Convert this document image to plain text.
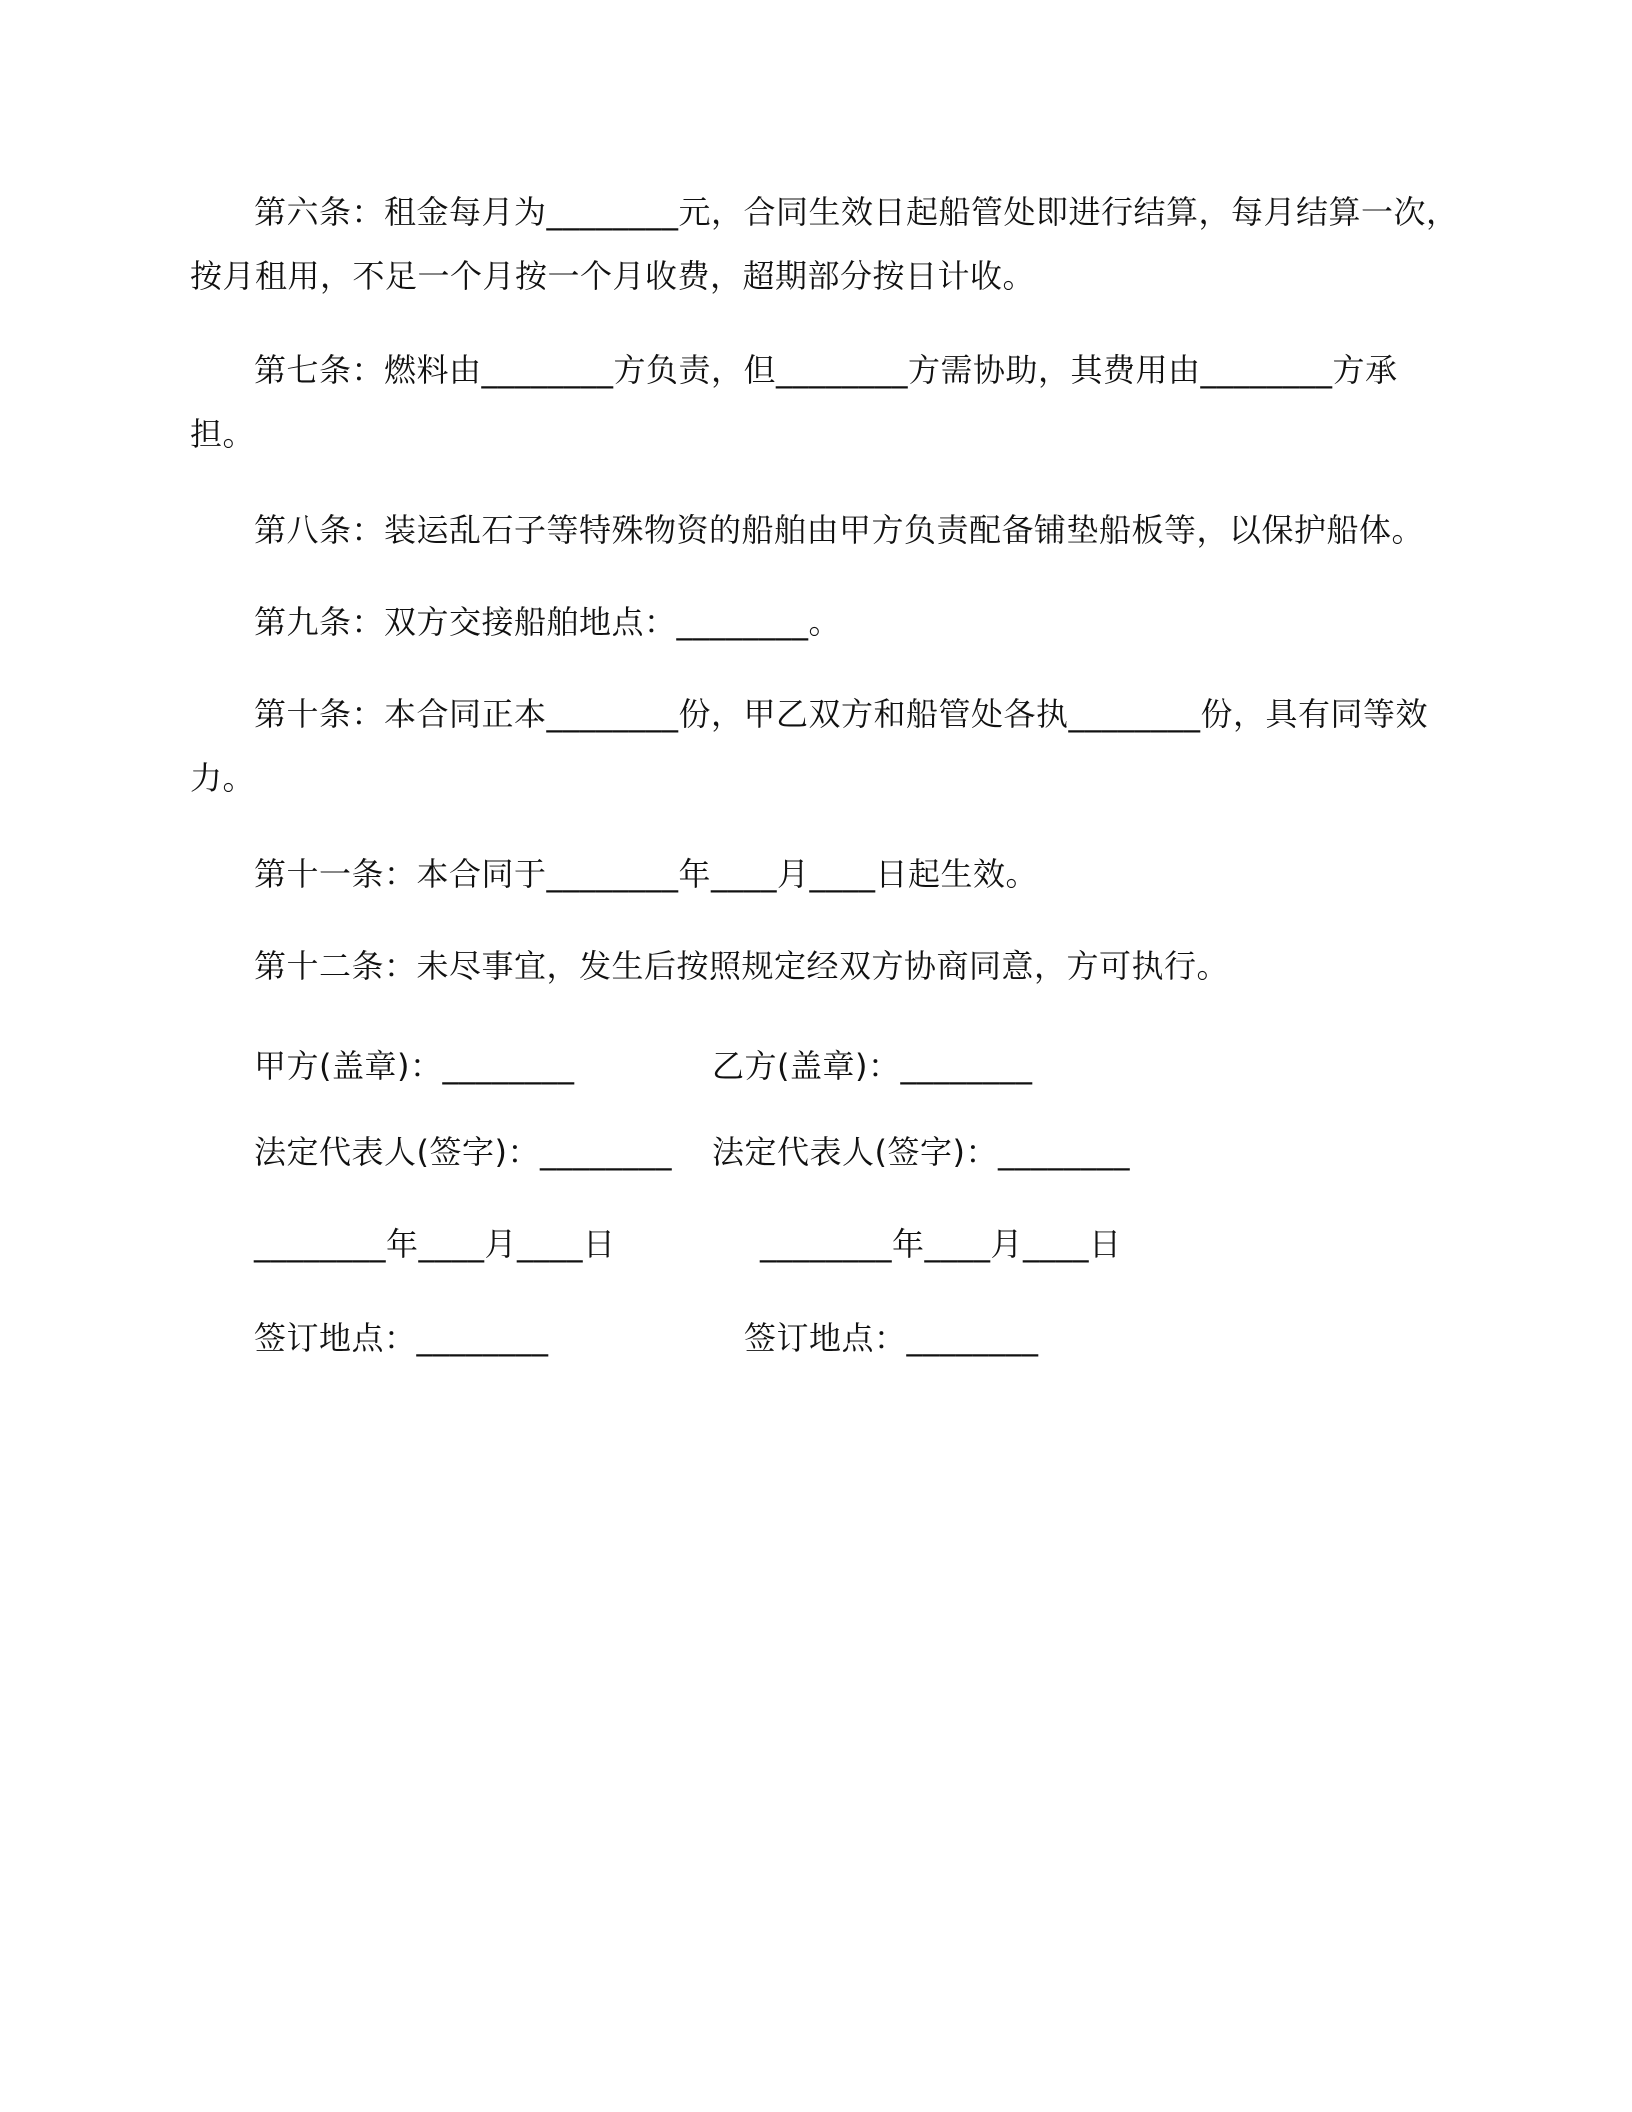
第六条：租金每月为________元，合同生效日起船管处即进行结算，每月结算一次，
按月租用，不足一个月按一个月收费，超期部分按日计收。
第七条：燃料由________方负责，但________方需协助，其费用由________方承
担。
第八条：装运乱石子等特殊物资的船舶由甲方负责配备铺垫船板等，以保护船体。
第九条：双方交接船舶地点：________。
第十条：本合同正本________份，甲乙双方和船管处各执________份，具有同等效
力。
第十一条：本合同于________年____月____日起生效。
第十二条：未尽事宜，发生后按照规定经双方协商同意，方可执行。
甲方(盖章)：________	乙方(盖章)：________
法定代表人(签字)：________ 法定代表人(签字)：________
________年____月____日	________年____月____日
签订地点：________	签订地点：________
